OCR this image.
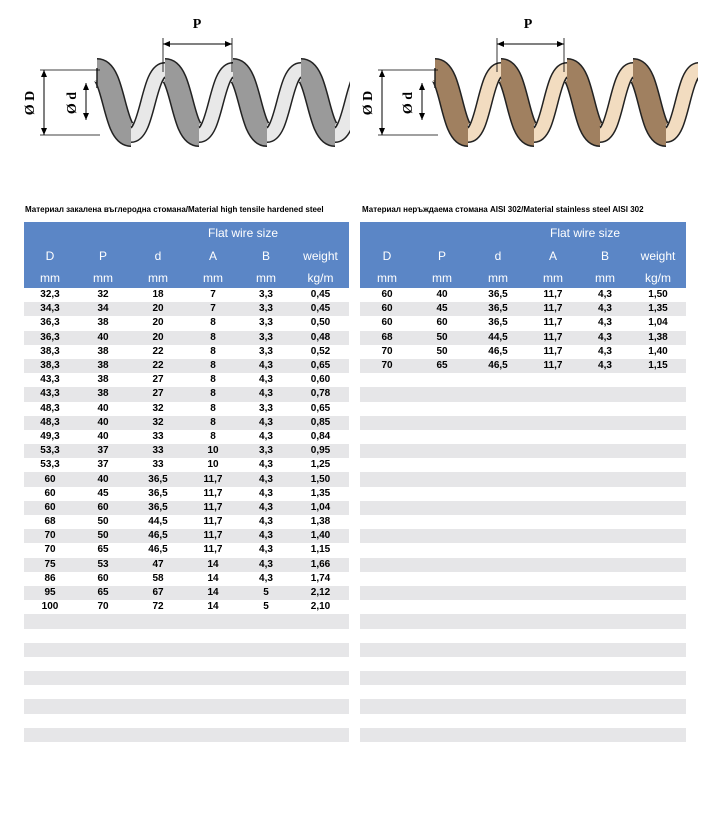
P
Ø D Ø d
P
Ø D Ø d
Материал закалена въглеродна стомана/Material high tensile hardened steel
			Flat wire size		
D	P	d	A	B	weight
mm	mm	mm	mm	mm	kg/m
32,3	32	18	7	3,3	0,45
34,3	34	20	7	3,3	0,45
36,3	38	20	8	3,3	0,50
36,3	40	20	8	3,3	0,48
38,3	38	22	8	3,3	0,52
38,3	38	22	8	4,3	0,65
43,3	38	27	8	4,3	0,60
43,3	38	27	8	4,3	0,78
48,3	40	32	8	3,3	0,65
48,3	40	32	8	4,3	0,85
49,3	40	33	8	4,3	0,84
53,3	37	33	10	3,3	0,95
53,3	37	33	10	4,3	1,25
60	40	36,5	11,7	4,3	1,50
60	45	36,5	11,7	4,3	1,35
60	60	36,5	11,7	4,3	1,04
68	50	44,5	11,7	4,3	1,38
70	50	46,5	11,7	4,3	1,40
70	65	46,5	11,7	4,3	1,15
75	53	47	14	4,3	1,66
86	60	58	14	4,3	1,74
95	65	67	14	5	2,12
100	70	72	14	5	2,10

Материал неръждаема стомана AISI 302/Material stainless steel AISI 302
			Flat wire size		
D	P	d	A	B	weight
mm	mm	mm	mm	mm	kg/m
60	40	36,5	11,7	4,3	1,50
60	45	36,5	11,7	4,3	1,35
60	60	36,5	11,7	4,3	1,04
68	50	44,5	11,7	4,3	1,38
70	50	46,5	11,7	4,3	1,40
70	65	46,5	11,7	4,3	1,15
